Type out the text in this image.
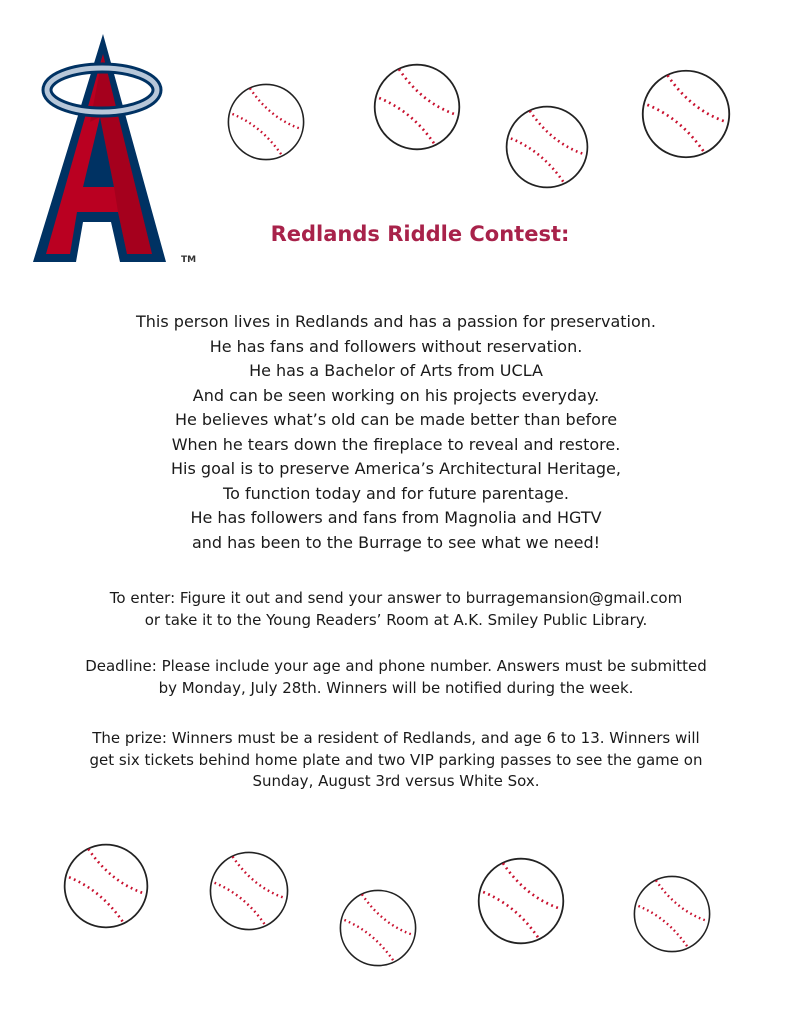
TM
Redlands Riddle Contest:
This person lives in Redlands and has a passion for preservation.
He has fans and followers without reservation.
He has a Bachelor of Arts from UCLA
And can be seen working on his projects everyday.
He believes what’s old can be made better than before
When he tears down the fireplace to reveal and restore.
His goal is to preserve America’s Architectural Heritage,
To function today and for future parentage.
He has followers and fans from Magnolia and HGTV
and has been to the Burrage to see what we need!
To enter: Figure it out and send your answer to burragemansion@gmail.com
or take it to the Young Readers’ Room at A.K. Smiley Public Library.
Deadline: Please include your age and phone number. Answers must be submitted
by Monday, July 28th. Winners will be notified during the week.
The prize: Winners must be a resident of Redlands, and age 6 to 13. Winners will
get six tickets behind home plate and two VIP parking passes to see the game on
Sunday, August 3rd versus White Sox.
